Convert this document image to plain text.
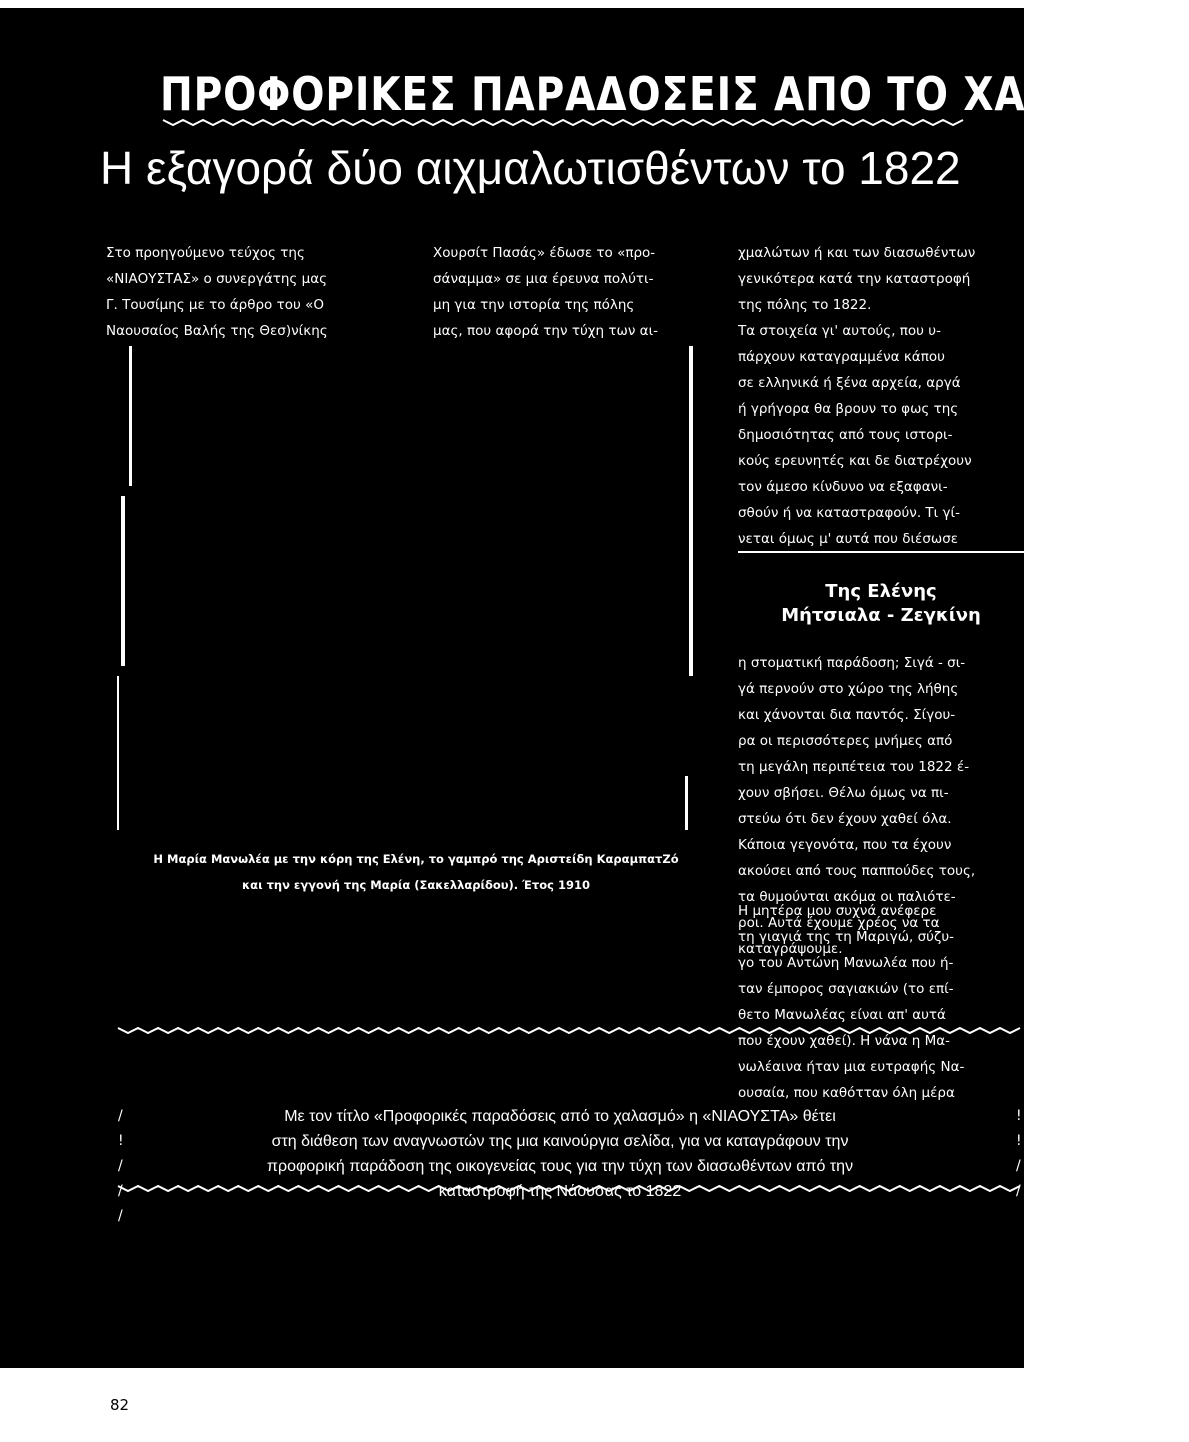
ΠΡΟΦΟΡΙΚΕΣ ΠΑΡΑΔΟΣΕΙΣ ΑΠΟ ΤΟ ΧΑΛΑΣΜΟ
Η εξαγορά δύο αιχμαλωτισθέντων το 1822

Στο προηγούμενο τεύχος της

«ΝΙΑΟΥΣΤΑΣ» ο συνεργάτης μας

Γ. Τουσίμης με το άρθρο του «Ο

Ναουσαίος Βαλής της Θεσ)νίκης

Χουρσίτ Πασάς» έδωσε το «προ-

σάναμμα» σε μια έρευνα πολύτι-

μη για την ιστορία της πόλης

μας, που αφορά την τύχη των αι-

Η Μαρία Μανωλέα με την κόρη της Ελένη, το γαμπρό της Αριστείδη ΚαραμπατΖό
και την εγγονή της Μαρία (Σακελλαρίδου). Έτος 1910

χμαλώτων ή και των διασωθέντων

γενικότερα κατά την καταστροφή

της πόλης το 1822.

Τα στοιχεία γι' αυτούς, που υ-

πάρχουν καταγραμμένα κάπου

σε ελληνικά ή ξένα αρχεία, αργά

ή γρήγορα θα βρουν το φως της

δημοσιότητας από τους ιστορι-

κούς ερευνητές και δε διατρέχουν

τον άμεσο κίνδυνο να εξαφανι-

σθούν ή να καταστραφούν. Τι γί-

νεται όμως μ' αυτά που διέσωσε

Της Ελένης
Μήτσιαλα - Ζεγκίνη

η στοματική παράδοση; Σιγά - σι-

γά περνούν στο χώρο της λήθης

και χάνονται δια παντός. Σίγου-

ρα οι περισσότερες μνήμες από

τη μεγάλη περιπέτεια του 1822 έ-

χουν σβήσει. Θέλω όμως να πι-

στεύω ότι δεν έχουν χαθεί όλα.

Κάποια γεγονότα, που τα έχουν

ακούσει από τους παππούδες τους,

τα θυμούνται ακόμα οι παλιότε-

ροι. Αυτά έχουμε χρέος να τα

καταγράψουμε.

Η μητέρα μου συχνά ανέφερε

τη γιαγιά της τη Μαριγώ, σύζυ-

γο του Αντώνη Μανωλέα που ή-

ταν έμπορος σαγιακιών (το επί-

θετο Μανωλέας είναι απ' αυτά

που έχουν χαθεί). Η νάνα η Μα-

νωλέαινα ήταν μια ευτραφής Να-

ουσαία, που καθότταν όλη μέρα

/
!
/
/
/
Με τον τίτλο «Προφορικές παραδόσεις από το χαλασμό» η «ΝΙΑΟΥΣΤΑ» θέτει
στη διάθεση των αναγνωστών της μια καινούργια σελίδα, για να καταγράφουν την
προφορική παράδοση της οικογενείας τους για την τύχη των διασωθέντων από την
καταστροφή της Νάουσας το 1822
!
!
/
/
82
